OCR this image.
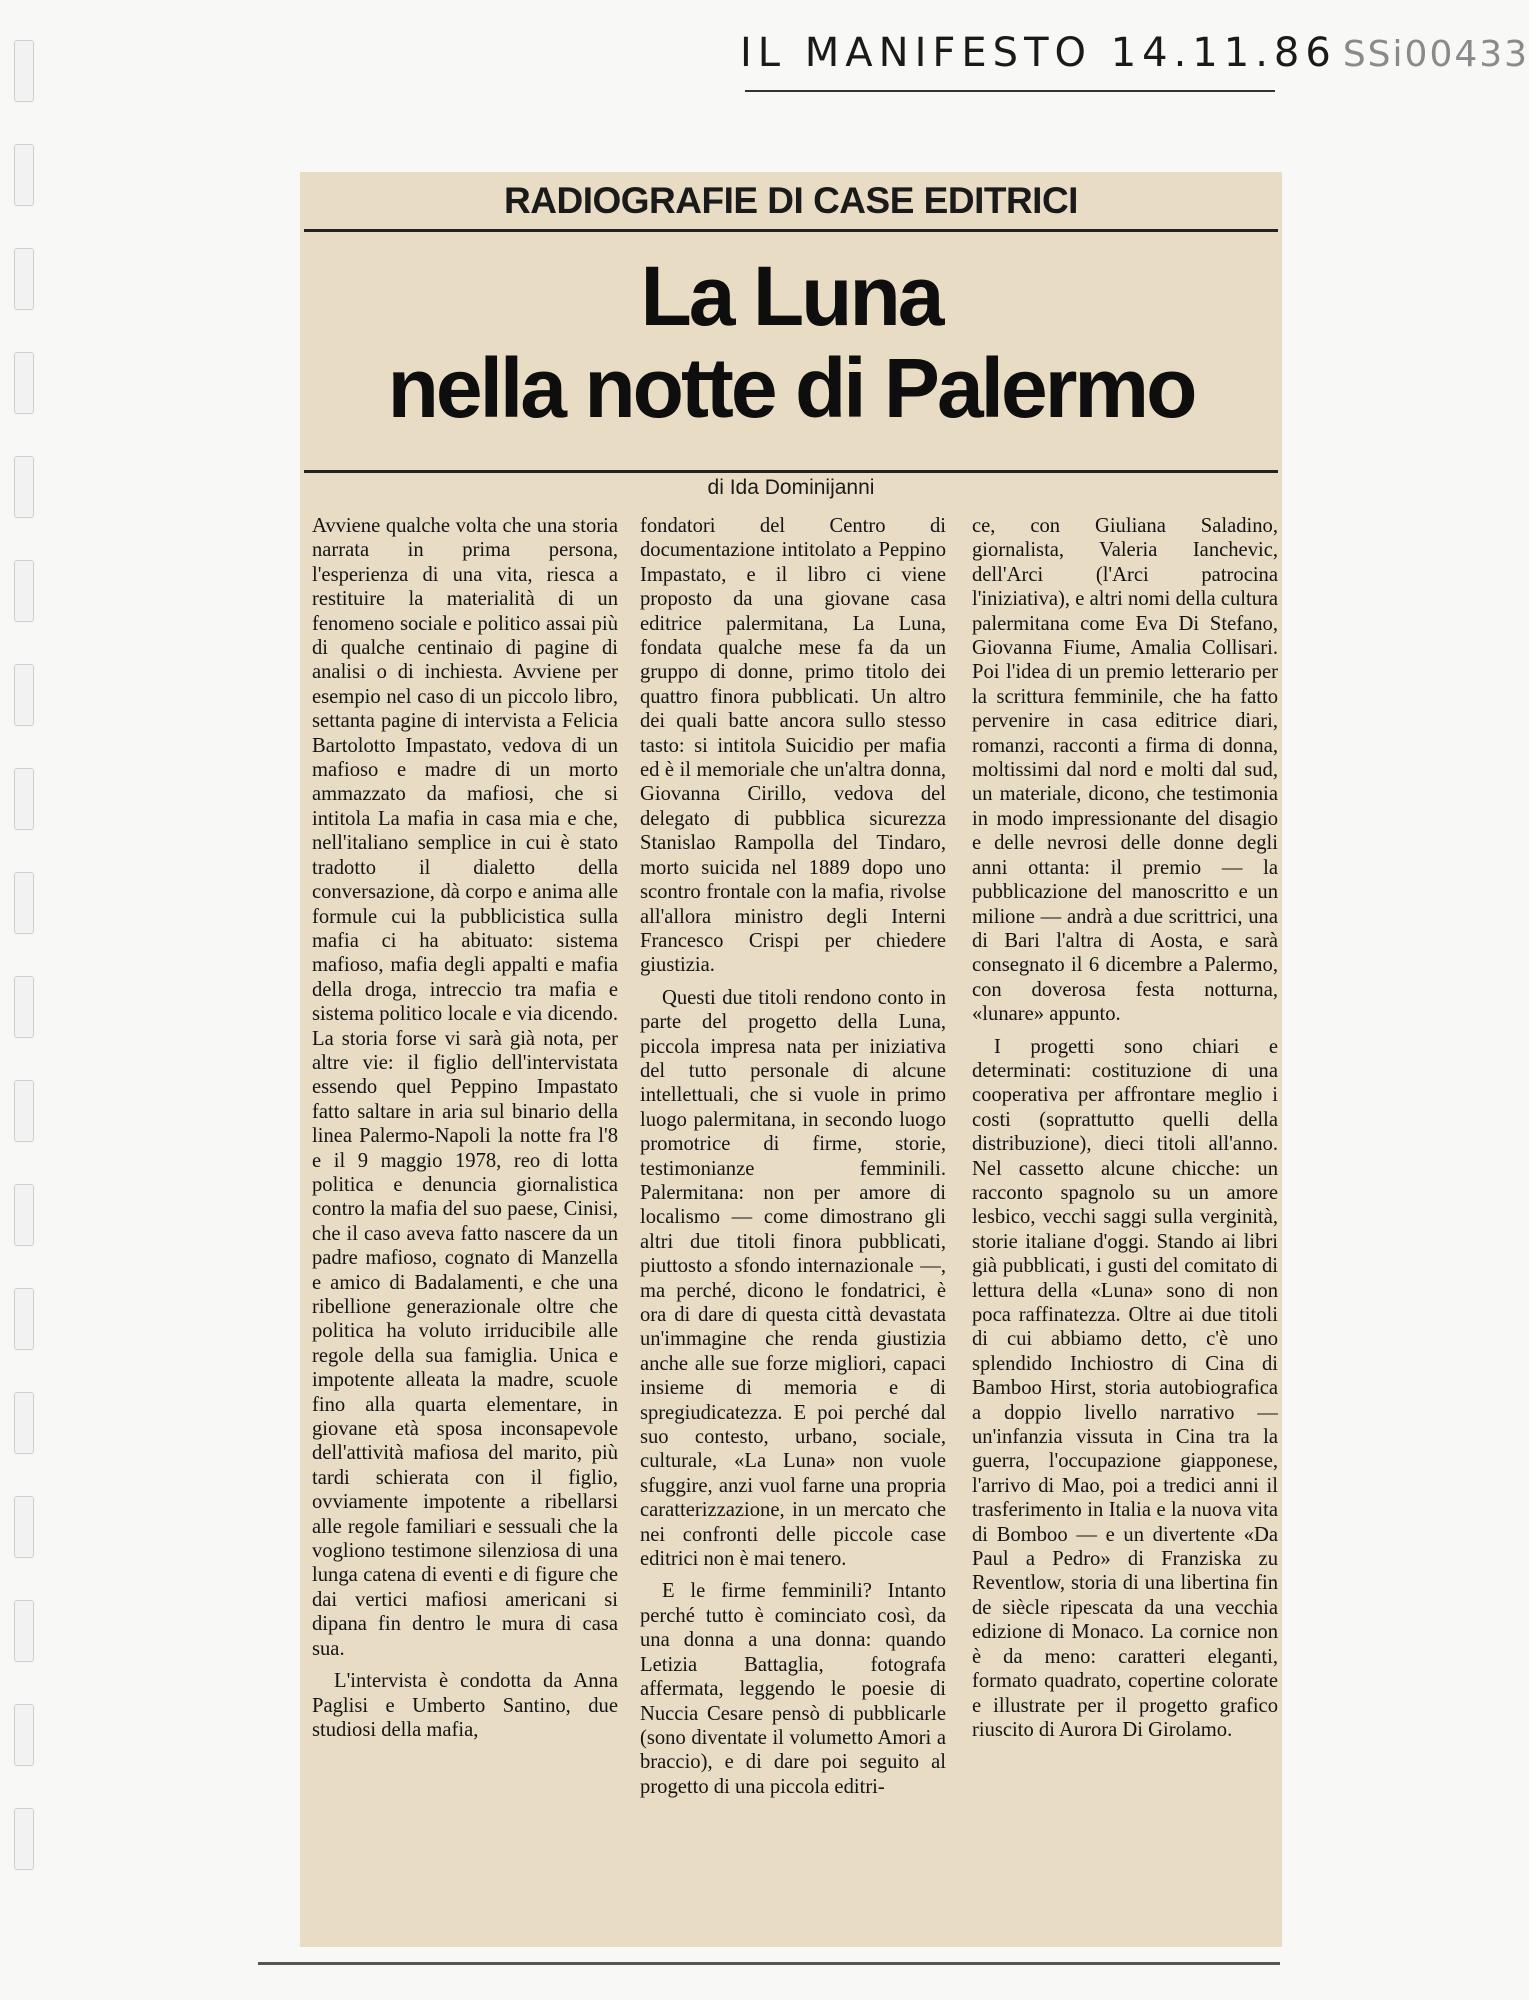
IL MANIFESTO 14.11.86 SSi00433
RADIOGRAFIE DI CASE EDITRICI
La Luna
nella notte di Palermo
di Ida Dominijanni

Avviene qualche volta che una storia narrata in prima persona, l'esperienza di una vita, riesca a restituire la materialità di un fenomeno sociale e politico assai più di qualche centinaio di pagine di analisi o di inchiesta. Avviene per esempio nel caso di un piccolo libro, settanta pagine di intervista a Felicia Bartolotto Impastato, vedova di un mafioso e madre di un morto ammazzato da mafiosi, che si intitola La mafia in casa mia e che, nell'italiano semplice in cui è stato tradotto il dialetto della conversazione, dà corpo e anima alle formule cui la pubblicistica sulla mafia ci ha abituato: sistema mafioso, mafia degli appalti e mafia della droga, intreccio tra mafia e sistema politico locale e via dicendo. La storia forse vi sarà già nota, per altre vie: il figlio dell'intervistata essendo quel Peppino Impastato fatto saltare in aria sul binario della linea Palermo-Napoli la notte fra l'8 e il 9 maggio 1978, reo di lotta politica e denuncia giornalistica contro la mafia del suo paese, Cinisi, che il caso aveva fatto nascere da un padre mafioso, cognato di Manzella e amico di Badalamenti, e che una ribellione generazionale oltre che politica ha voluto irriducibile alle regole della sua famiglia. Unica e impotente alleata la madre, scuole fino alla quarta elementare, in giovane età sposa inconsapevole dell'attività mafiosa del marito, più tardi schierata con il figlio, ovviamente impotente a ribellarsi alle regole familiari e sessuali che la vogliono testimone silenziosa di una lunga catena di eventi e di figure che dai vertici mafiosi americani si dipana fin dentro le mura di casa sua.

L'intervista è condotta da Anna Paglisi e Umberto Santino, due studiosi della mafia,

fondatori del Centro di documentazione intitolato a Peppino Impastato, e il libro ci viene proposto da una giovane casa editrice palermitana, La Luna, fondata qualche mese fa da un gruppo di donne, primo titolo dei quattro finora pubblicati. Un altro dei quali batte ancora sullo stesso tasto: si intitola Suicidio per mafia ed è il memoriale che un'altra donna, Giovanna Cirillo, vedova del delegato di pubblica sicurezza Stanislao Rampolla del Tindaro, morto suicida nel 1889 dopo uno scontro frontale con la mafia, rivolse all'allora ministro degli Interni Francesco Crispi per chiedere giustizia.

Questi due titoli rendono conto in parte del progetto della Luna, piccola impresa nata per iniziativa del tutto personale di alcune intellettuali, che si vuole in primo luogo palermitana, in secondo luogo promotrice di firme, storie, testimonianze femminili. Palermitana: non per amore di localismo — come dimostrano gli altri due titoli finora pubblicati, piuttosto a sfondo internazionale —, ma perché, dicono le fondatrici, è ora di dare di questa città devastata un'immagine che renda giustizia anche alle sue forze migliori, capaci insieme di memoria e di spregiudicatezza. E poi perché dal suo contesto, urbano, sociale, culturale, «La Luna» non vuole sfuggire, anzi vuol farne una propria caratterizzazione, in un mercato che nei confronti delle piccole case editrici non è mai tenero.

E le firme femminili? Intanto perché tutto è cominciato così, da una donna a una donna: quando Letizia Battaglia, fotografa affermata, leggendo le poesie di Nuccia Cesare pensò di pubblicarle (sono diventate il volumetto Amori a braccio), e di dare poi seguito al progetto di una piccola editri-

ce, con Giuliana Saladino, giornalista, Valeria Ianchevic, dell'Arci (l'Arci patrocina l'iniziativa), e altri nomi della cultura palermitana come Eva Di Stefano, Giovanna Fiume, Amalia Collisari. Poi l'idea di un premio letterario per la scrittura femminile, che ha fatto pervenire in casa editrice diari, romanzi, racconti a firma di donna, moltissimi dal nord e molti dal sud, un materiale, dicono, che testimonia in modo impressionante del disagio e delle nevrosi delle donne degli anni ottanta: il premio — la pubblicazione del manoscritto e un milione — andrà a due scrittrici, una di Bari l'altra di Aosta, e sarà consegnato il 6 dicembre a Palermo, con doverosa festa notturna, «lunare» appunto.

I progetti sono chiari e determinati: costituzione di una cooperativa per affrontare meglio i costi (soprattutto quelli della distribuzione), dieci titoli all'anno. Nel cassetto alcune chicche: un racconto spagnolo su un amore lesbico, vecchi saggi sulla verginità, storie italiane d'oggi. Stando ai libri già pubblicati, i gusti del comitato di lettura della «Luna» sono di non poca raffinatezza. Oltre ai due titoli di cui abbiamo detto, c'è uno splendido Inchiostro di Cina di Bamboo Hirst, storia autobiografica a doppio livello narrativo — un'infanzia vissuta in Cina tra la guerra, l'occupazione giapponese, l'arrivo di Mao, poi a tredici anni il trasferimento in Italia e la nuova vita di Bomboo — e un divertente «Da Paul a Pedro» di Franziska zu Reventlow, storia di una libertina fin de siècle ripescata da una vecchia edizione di Monaco. La cornice non è da meno: caratteri eleganti, formato quadrato, copertine colorate e illustrate per il progetto grafico riuscito di Aurora Di Girolamo.
